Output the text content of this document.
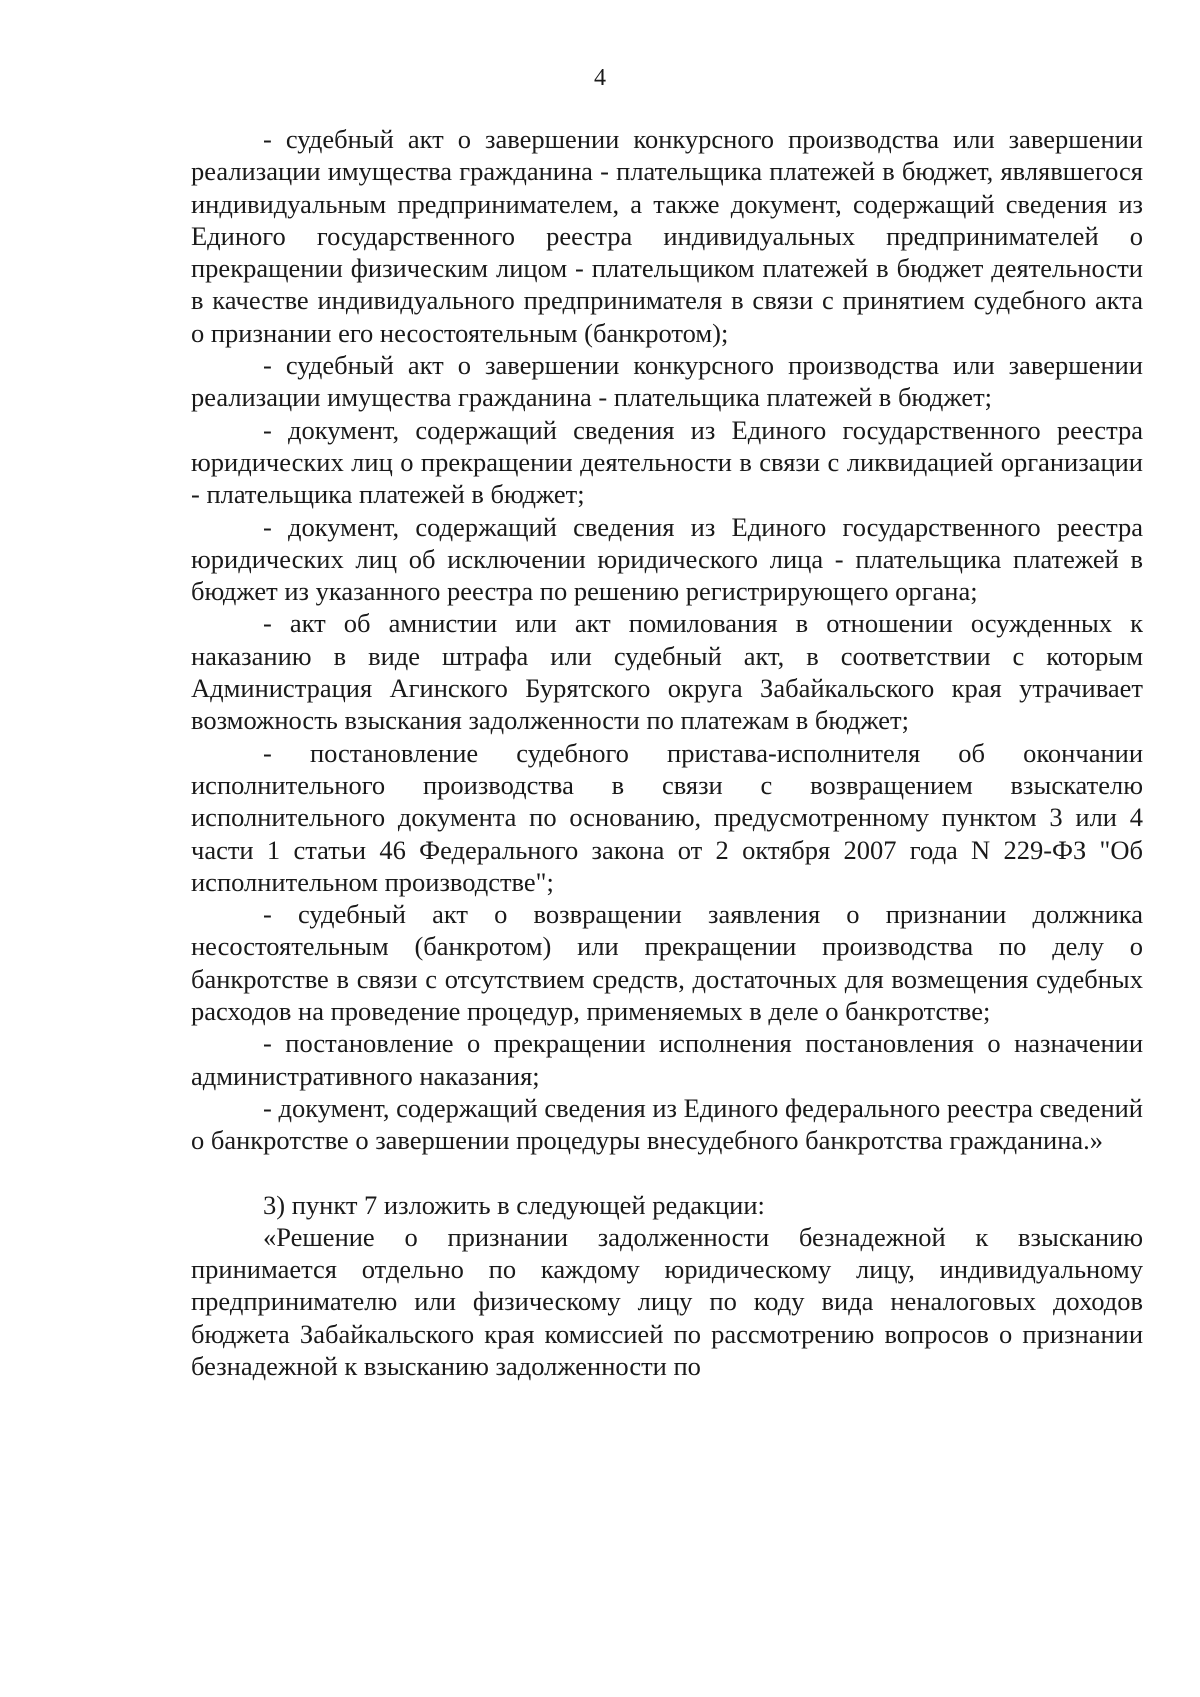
4

- судебный акт о завершении конкурсного производства или завершении реализации имущества гражданина - плательщика платежей в бюджет, являвшегося индивидуальным предпринимателем, а также документ, содержащий сведения из Единого государственного реестра индивидуальных предпринимателей о прекращении физическим лицом - плательщиком платежей в бюджет деятельности в качестве индивидуального предпринимателя в связи с принятием судебного акта о признании его несостоятельным (банкротом);

- судебный акт о завершении конкурсного производства или завершении реализации имущества гражданина - плательщика платежей в бюджет;

- документ, содержащий сведения из Единого государственного реестра юридических лиц о прекращении деятельности в связи с ликвидацией организации - плательщика платежей в бюджет;

- документ, содержащий сведения из Единого государственного реестра юридических лиц об исключении юридического лица - плательщика платежей в бюджет из указанного реестра по решению регистрирующего органа;

- акт об амнистии или акт помилования в отношении осужденных к наказанию в виде штрафа или судебный акт, в соответствии с которым Администрация Агинского Бурятского округа Забайкальского края утрачивает возможность взыскания задолженности по платежам в бюджет;

- постановление судебного пристава-исполнителя об окончании исполнительного производства в связи с возвращением взыскателю исполнительного документа по основанию, предусмотренному пунктом 3 или 4 части 1 статьи 46 Федерального закона от 2 октября 2007 года N 229-ФЗ "Об исполнительном производстве";

- судебный акт о возвращении заявления о признании должника несостоятельным (банкротом) или прекращении производства по делу о банкротстве в связи с отсутствием средств, достаточных для возмещения судебных расходов на проведение процедур, применяемых в деле о банкротстве;

- постановление о прекращении исполнения постановления о назначении административного наказания;

- документ, содержащий сведения из Единого федерального реестра сведений о банкротстве о завершении процедуры внесудебного банкротства гражданина.»

3) пункт 7 изложить в следующей редакции:

«Решение о признании задолженности безнадежной к взысканию принимается отдельно по каждому юридическому лицу, индивидуальному предпринимателю или физическому лицу по коду вида неналоговых доходов бюджета Забайкальского края комиссией по рассмотрению вопросов о признании безнадежной к взысканию задолженности по
